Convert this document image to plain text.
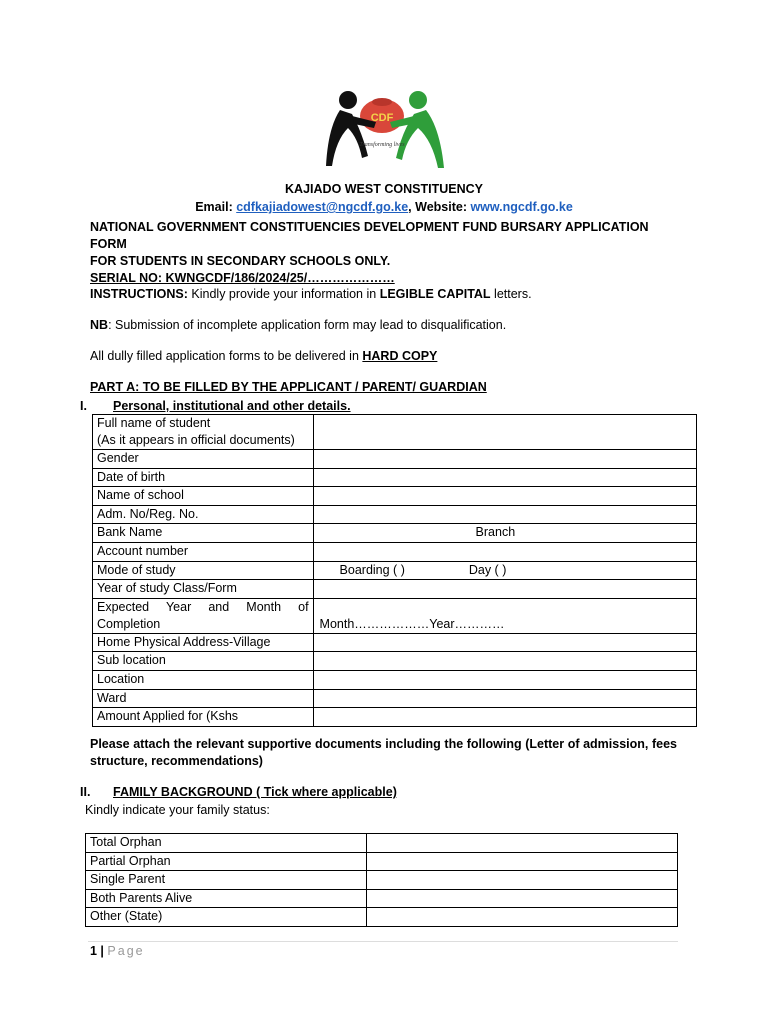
CDF
Transforming lives
KAJIADO WEST CONSTITUENCY
Email: cdfkajiadowest@ngcdf.go.ke, Website: www.ngcdf.go.ke
NATIONAL GOVERNMENT CONSTITUENCIES DEVELOPMENT FUND BURSARY APPLICATION FORM
FOR STUDENTS IN SECONDARY SCHOOLS ONLY.
SERIAL NO: KWNGCDF/186/2024/25/…………………
INSTRUCTIONS: Kindly provide your information in LEGIBLE CAPITAL letters.
NB: Submission of incomplete application form may lead to disqualification.
All dully filled application forms to be delivered in HARD COPY
PART A: TO BE FILLED BY THE APPLICANT / PARENT/ GUARDIAN
I. Personal, institutional and other details.
Full name of student
(As it appears in official documents)	

Gender	
Date of birth	
Name of school	
Adm. No/Reg. No.	
Bank Name	Branch
Account number	
Mode of study	Boarding ( ) Day ( )
Year of study Class/Form	

Expected Year and Month of
Completion	Month………………Year…………
Home Physical Address-Village	
Sub location	
Location	
Ward	
Amount Applied for (Kshs	
Please attach the relevant supportive documents including the following (Letter of admission, fees structure, recommendations)
II. FAMILY BACKGROUND ( Tick where applicable)
Kindly indicate your family status:
Total Orphan	
Partial Orphan	
Single Parent	
Both Parents Alive	
Other (State)	
1 | Page
